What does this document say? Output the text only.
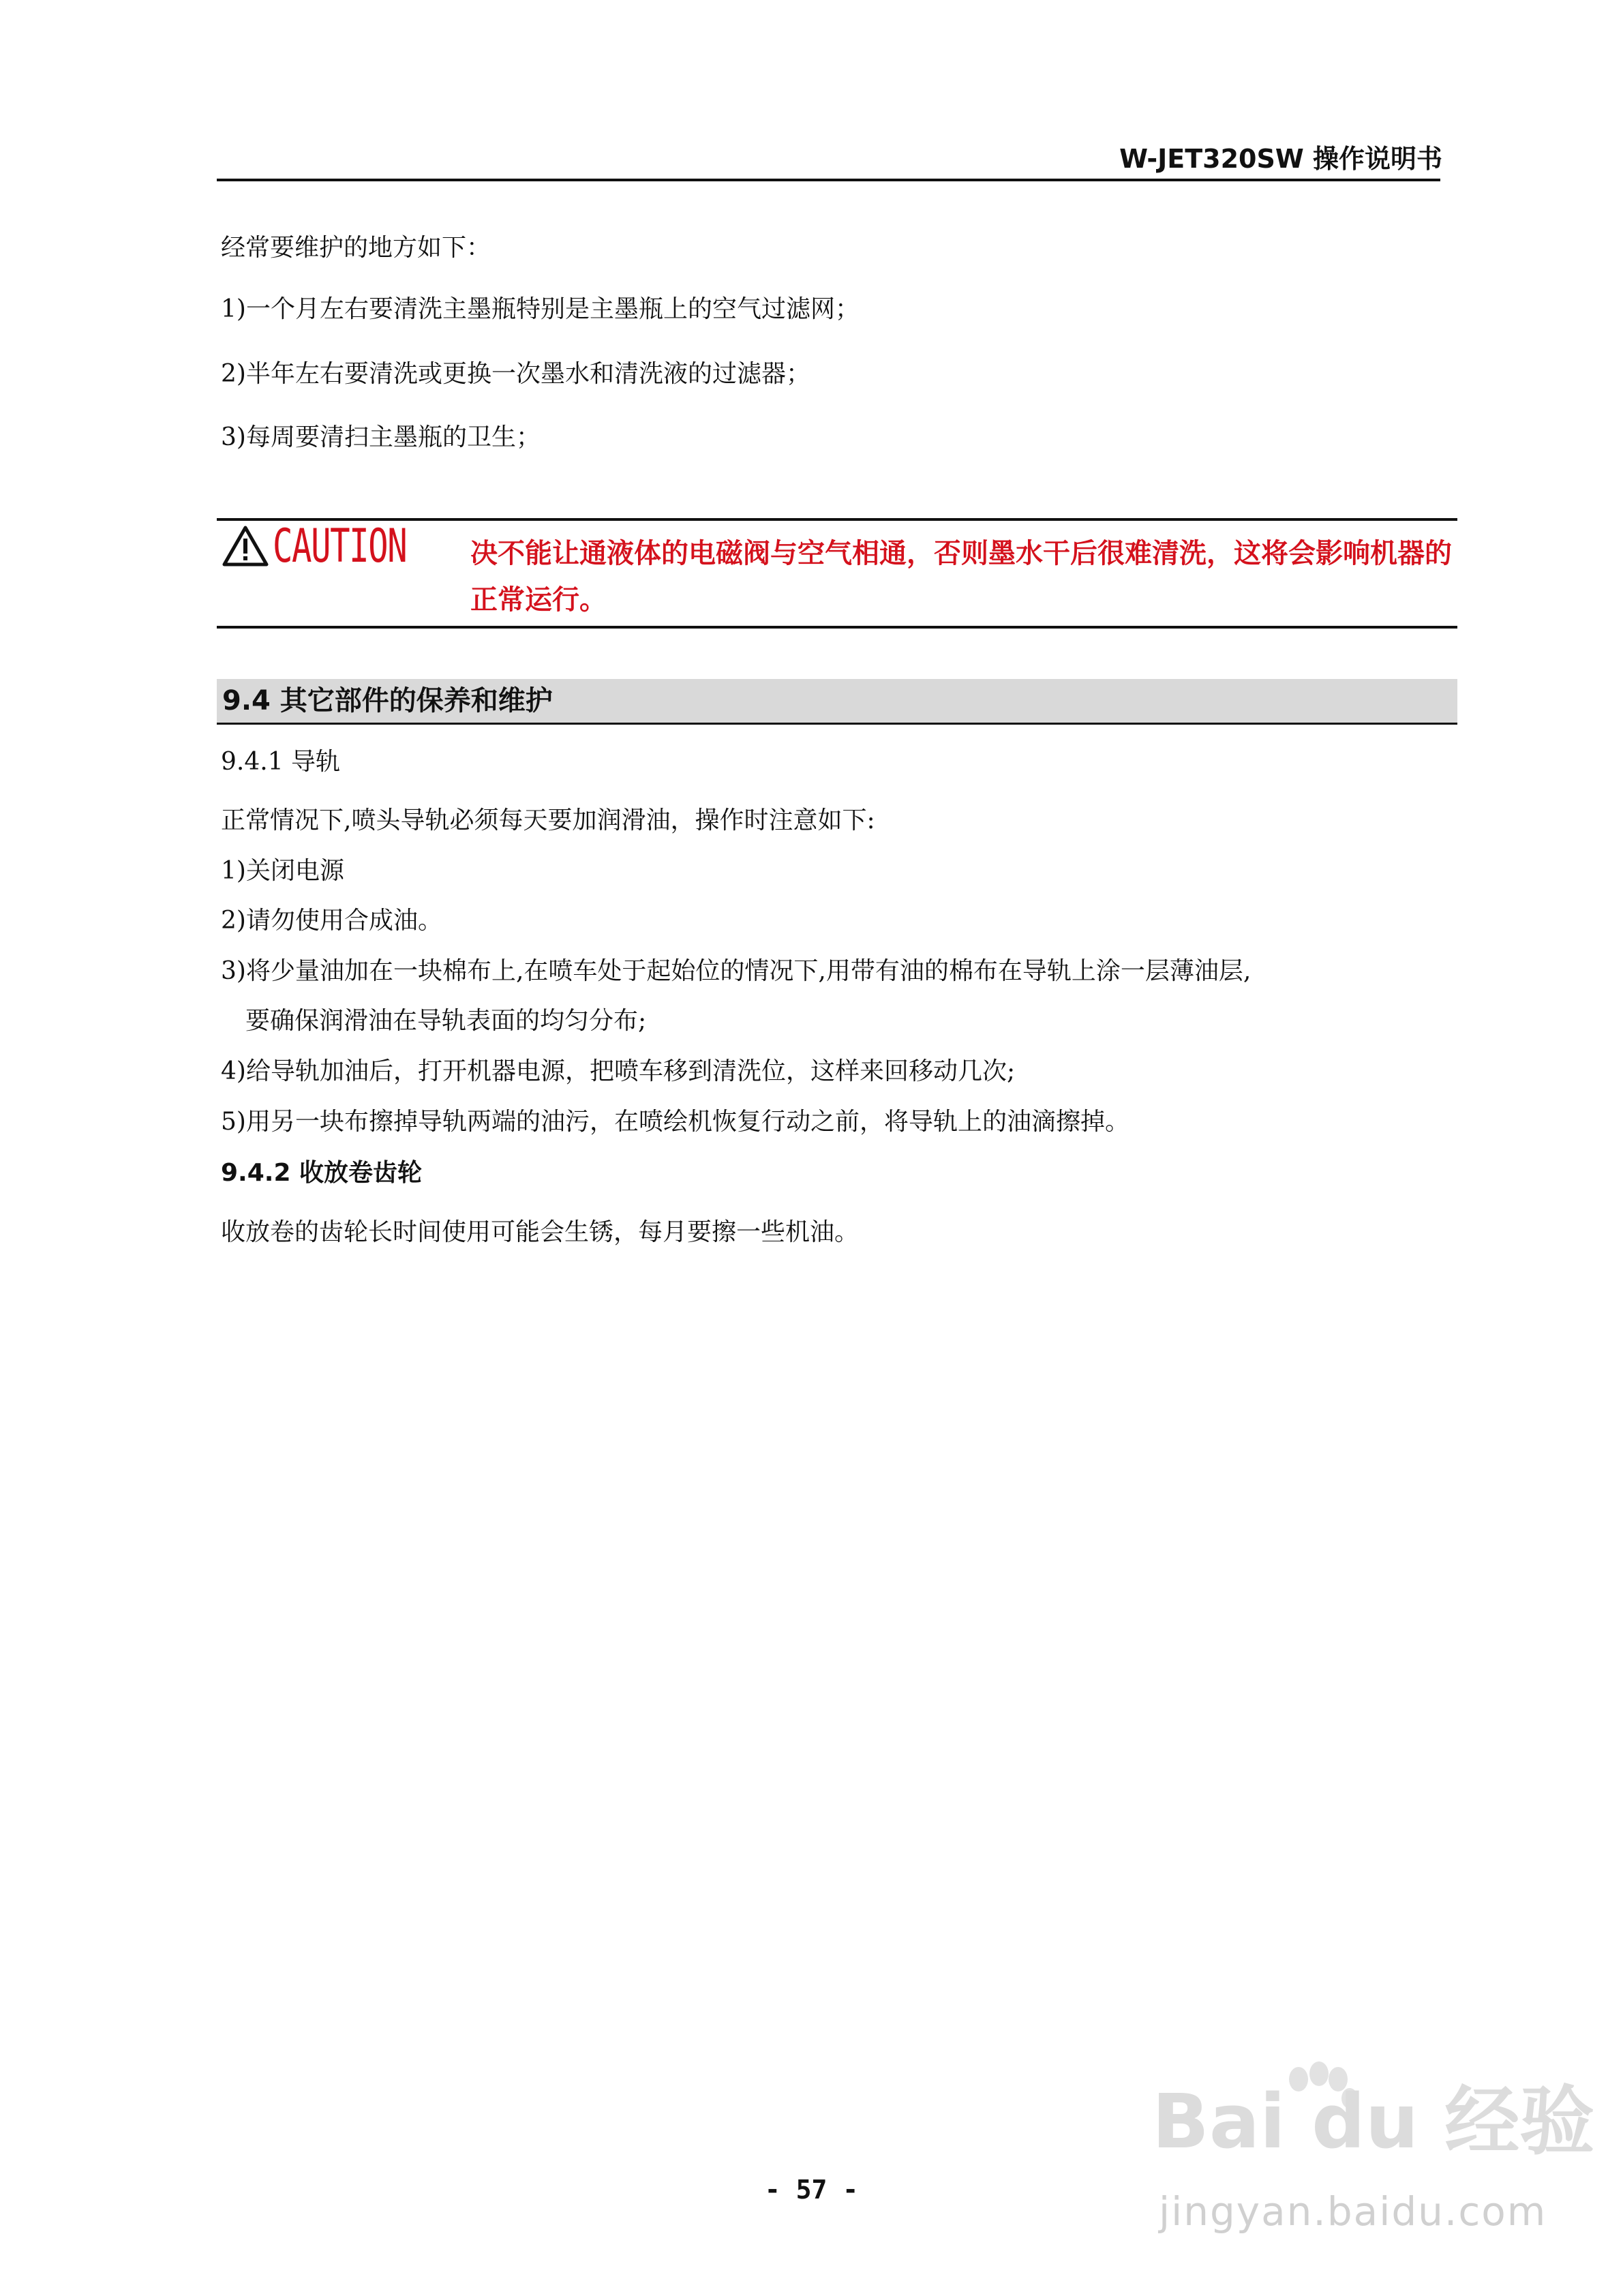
W-JET320SW 操作说明书
经常要维护的地方如下：
1)一个月左右要清洗主墨瓶特别是主墨瓶上的空气过滤网；
2)半年左右要清洗或更换一次墨水和清洗液的过滤器；
3)每周要清扫主墨瓶的卫生；
CAUTION 决不能让通液体的电磁阀与空气相通，否则墨水干后很难清洗，这将会影响机器的正常运行。
9.4 其它部件的保养和维护
9.4.1 导轨
正常情况下,喷头导轨必须每天要加润滑油，操作时注意如下:
1)关闭电源
2)请勿使用合成油。
3)将少量油加在一块棉布上,在喷车处于起始位的情况下,用带有油的棉布在导轨上涂一层薄油层,
要确保润滑油在导轨表面的均匀分布;
4)给导轨加油后，打开机器电源，把喷车移到清洗位，这样来回移动几次;
5)用另一块布擦掉导轨两端的油污，在喷绘机恢复行动之前，将导轨上的油滴擦掉。
9.4.2 收放卷齿轮
收放卷的齿轮长时间使用可能会生锈，每月要擦一些机油。
- 57 -
Bai du 经验
jingyan.baidu.com
